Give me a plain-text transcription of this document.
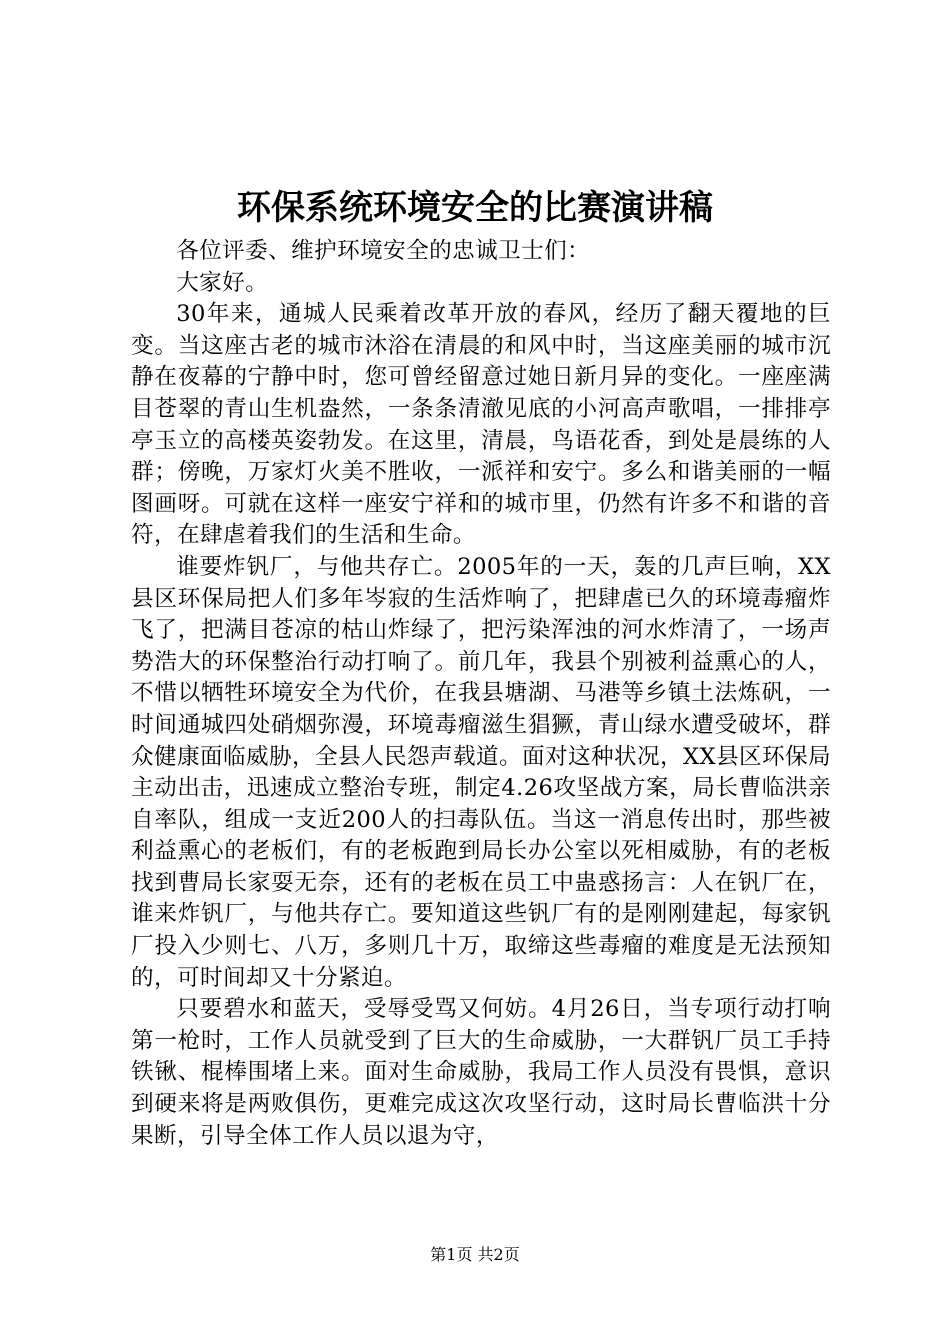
环保系统环境安全的比赛演讲稿

各位评委、维护环境安全的忠诚卫士们：

大家好。

30年来，通城人民乘着改革开放的春风，经历了翻天覆地的巨变。当这座古老的城市沐浴在清晨的和风中时，当这座美丽的城市沉静在夜幕的宁静中时，您可曾经留意过她日新月异的变化。一座座满目苍翠的青山生机盎然，一条条清澈见底的小河高声歌唱，一排排亭亭玉立的高楼英姿勃发。在这里，清晨，鸟语花香，到处是晨练的人群；傍晚，万家灯火美不胜收，一派祥和安宁。多么和谐美丽的一幅图画呀。可就在这样一座安宁祥和的城市里，仍然有许多不和谐的音符，在肆虐着我们的生活和生命。

谁要炸钒厂，与他共存亡。2005年的一天，轰的几声巨响，XX县区环保局把人们多年岑寂的生活炸响了，把肆虐已久的环境毒瘤炸飞了，把满目苍凉的枯山炸绿了，把污染浑浊的河水炸清了，一场声势浩大的环保整治行动打响了。前几年，我县个别被利益熏心的人，不惜以牺牲环境安全为代价，在我县塘湖、马港等乡镇土法炼矾，一时间通城四处硝烟弥漫，环境毒瘤滋生猖獗，青山绿水遭受破坏，群众健康面临威胁，全县人民怨声载道。面对这种状况，XX县区环保局主动出击，迅速成立整治专班，制定4.26攻坚战方案，局长曹临洪亲自率队，组成一支近200人的扫毒队伍。当这一消息传出时，那些被利益熏心的老板们，有的老板跑到局长办公室以死相威胁，有的老板找到曹局长家耍无奈，还有的老板在员工中蛊惑扬言：人在钒厂在，谁来炸钒厂，与他共存亡。要知道这些钒厂有的是刚刚建起，每家钒厂投入少则七、八万，多则几十万，取缔这些毒瘤的难度是无法预知的，可时间却又十分紧迫。

只要碧水和蓝天，受辱受骂又何妨。4月26日，当专项行动打响第一枪时，工作人员就受到了巨大的生命威胁，一大群钒厂员工手持铁锹、棍棒围堵上来。面对生命威胁，我局工作人员没有畏惧，意识到硬来将是两败俱伤，更难完成这次攻坚行动，这时局长曹临洪十分果断，引导全体工作人员以退为守，

第1页 共2页
